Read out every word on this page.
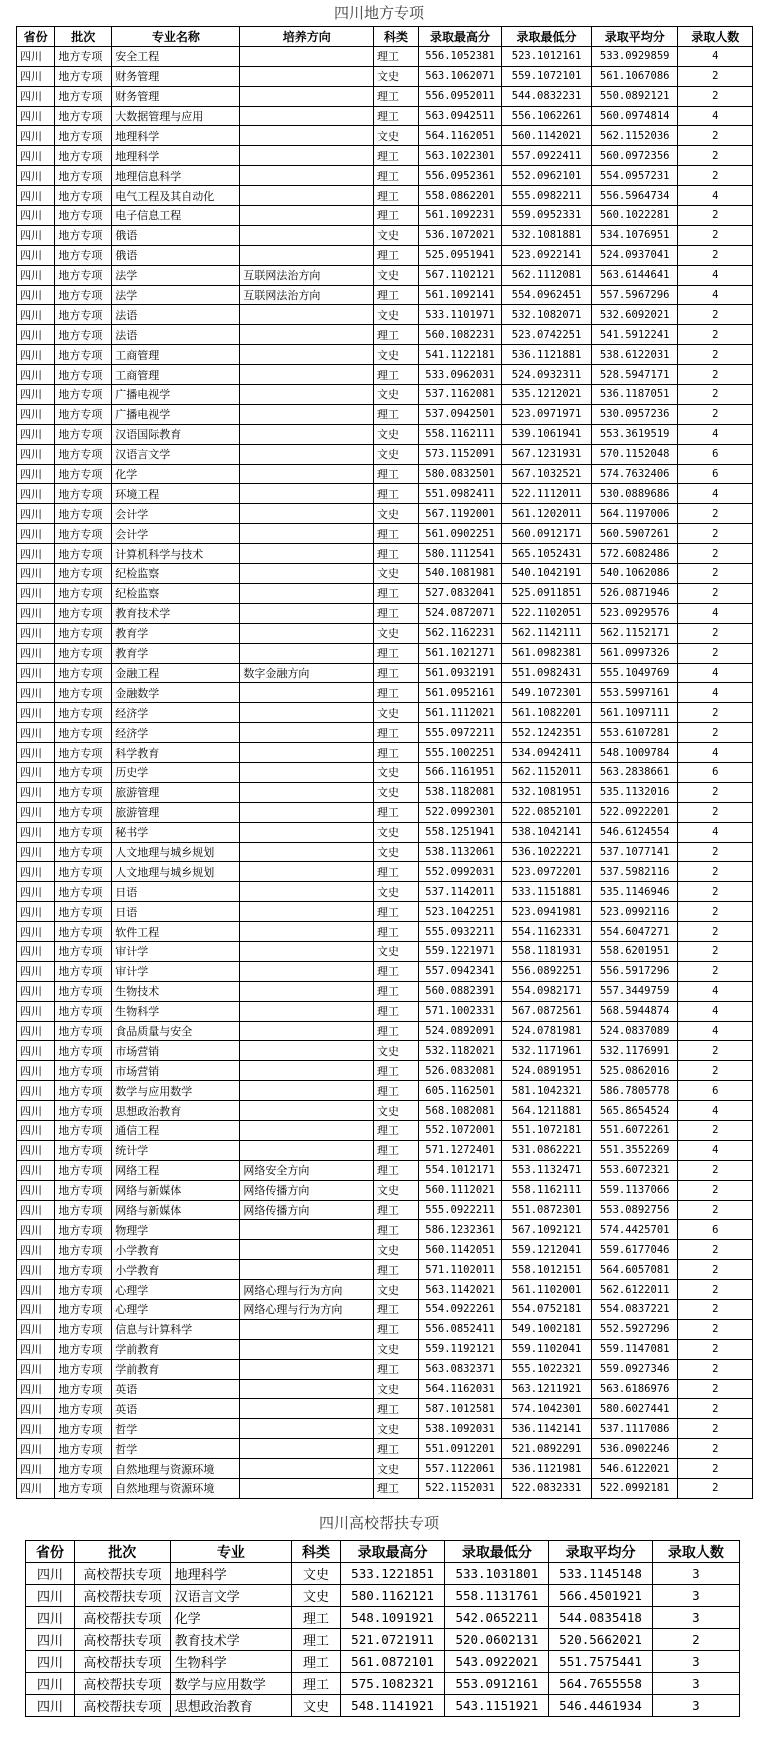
四川地方专项
省份	批次	专业名称	培养方向	科类	录取最高分	录取最低分	录取平均分	录取人数
四川	地方专项	安全工程		理工	556.1052381	523.1012161	533.0929859	4
四川	地方专项	财务管理		文史	563.1062071	559.1072101	561.1067086	2
四川	地方专项	财务管理		理工	556.0952011	544.0832231	550.0892121	2
四川	地方专项	大数据管理与应用		理工	563.0942511	556.1062261	560.0974814	4
四川	地方专项	地理科学		文史	564.1162051	560.1142021	562.1152036	2
四川	地方专项	地理科学		理工	563.1022301	557.0922411	560.0972356	2
四川	地方专项	地理信息科学		理工	556.0952361	552.0962101	554.0957231	2
四川	地方专项	电气工程及其自动化		理工	558.0862201	555.0982211	556.5964734	4
四川	地方专项	电子信息工程		理工	561.1092231	559.0952331	560.1022281	2
四川	地方专项	俄语		文史	536.1072021	532.1081881	534.1076951	2
四川	地方专项	俄语		理工	525.0951941	523.0922141	524.0937041	2
四川	地方专项	法学	互联网法治方向	文史	567.1102121	562.1112081	563.6144641	4
四川	地方专项	法学	互联网法治方向	理工	561.1092141	554.0962451	557.5967296	4
四川	地方专项	法语		文史	533.1101971	532.1082071	532.6092021	2
四川	地方专项	法语		理工	560.1082231	523.0742251	541.5912241	2
四川	地方专项	工商管理		文史	541.1122181	536.1121881	538.6122031	2
四川	地方专项	工商管理		理工	533.0962031	524.0932311	528.5947171	2
四川	地方专项	广播电视学		文史	537.1162081	535.1212021	536.1187051	2
四川	地方专项	广播电视学		理工	537.0942501	523.0971971	530.0957236	2
四川	地方专项	汉语国际教育		文史	558.1162111	539.1061941	553.3619519	4
四川	地方专项	汉语言文学		文史	573.1152091	567.1231931	570.1152048	6
四川	地方专项	化学		理工	580.0832501	567.1032521	574.7632406	6
四川	地方专项	环境工程		理工	551.0982411	522.1112011	530.0889686	4
四川	地方专项	会计学		文史	567.1192001	561.1202011	564.1197006	2
四川	地方专项	会计学		理工	561.0902251	560.0912171	560.5907261	2
四川	地方专项	计算机科学与技术		理工	580.1112541	565.1052431	572.6082486	2
四川	地方专项	纪检监察		文史	540.1081981	540.1042191	540.1062086	2
四川	地方专项	纪检监察		理工	527.0832041	525.0911851	526.0871946	2
四川	地方专项	教育技术学		理工	524.0872071	522.1102051	523.0929576	4
四川	地方专项	教育学		文史	562.1162231	562.1142111	562.1152171	2
四川	地方专项	教育学		理工	561.1021271	561.0982381	561.0997326	2
四川	地方专项	金融工程	数字金融方向	理工	561.0932191	551.0982431	555.1049769	4
四川	地方专项	金融数学		理工	561.0952161	549.1072301	553.5997161	4
四川	地方专项	经济学		文史	561.1112021	561.1082201	561.1097111	2
四川	地方专项	经济学		理工	555.0972211	552.1242351	553.6107281	2
四川	地方专项	科学教育		理工	555.1002251	534.0942411	548.1009784	4
四川	地方专项	历史学		文史	566.1161951	562.1152011	563.2838661	6
四川	地方专项	旅游管理		文史	538.1182081	532.1081951	535.1132016	2
四川	地方专项	旅游管理		理工	522.0992301	522.0852101	522.0922201	2
四川	地方专项	秘书学		文史	558.1251941	538.1042141	546.6124554	4
四川	地方专项	人文地理与城乡规划		文史	538.1132061	536.1022221	537.1077141	2
四川	地方专项	人文地理与城乡规划		理工	552.0992031	523.0972201	537.5982116	2
四川	地方专项	日语		文史	537.1142011	533.1151881	535.1146946	2
四川	地方专项	日语		理工	523.1042251	523.0941981	523.0992116	2
四川	地方专项	软件工程		理工	555.0932211	554.1162331	554.6047271	2
四川	地方专项	审计学		文史	559.1221971	558.1181931	558.6201951	2
四川	地方专项	审计学		理工	557.0942341	556.0892251	556.5917296	2
四川	地方专项	生物技术		理工	560.0882391	554.0982171	557.3449759	4
四川	地方专项	生物科学		理工	571.1002331	567.0872561	568.5944874	4
四川	地方专项	食品质量与安全		理工	524.0892091	524.0781981	524.0837089	4
四川	地方专项	市场营销		文史	532.1182021	532.1171961	532.1176991	2
四川	地方专项	市场营销		理工	526.0832081	524.0891951	525.0862016	2
四川	地方专项	数学与应用数学		理工	605.1162501	581.1042321	586.7805778	6
四川	地方专项	思想政治教育		文史	568.1082081	564.1211881	565.8654524	4
四川	地方专项	通信工程		理工	552.1072001	551.1072181	551.6072261	2
四川	地方专项	统计学		理工	571.1272401	531.0862221	551.3552269	4
四川	地方专项	网络工程	网络安全方向	理工	554.1012171	553.1132471	553.6072321	2
四川	地方专项	网络与新媒体	网络传播方向	文史	560.1112021	558.1162111	559.1137066	2
四川	地方专项	网络与新媒体	网络传播方向	理工	555.0922211	551.0872301	553.0892756	2
四川	地方专项	物理学		理工	586.1232361	567.1092121	574.4425701	6
四川	地方专项	小学教育		文史	560.1142051	559.1212041	559.6177046	2
四川	地方专项	小学教育		理工	571.1102011	558.1012151	564.6057081	2
四川	地方专项	心理学	网络心理与行为方向	文史	563.1142021	561.1102001	562.6122011	2
四川	地方专项	心理学	网络心理与行为方向	理工	554.0922261	554.0752181	554.0837221	2
四川	地方专项	信息与计算科学		理工	556.0852411	549.1002181	552.5927296	2
四川	地方专项	学前教育		文史	559.1192121	559.1102041	559.1147081	2
四川	地方专项	学前教育		理工	563.0832371	555.1022321	559.0927346	2
四川	地方专项	英语		文史	564.1162031	563.1211921	563.6186976	2
四川	地方专项	英语		理工	587.1012581	574.1042301	580.6027441	2
四川	地方专项	哲学		文史	538.1092031	536.1142141	537.1117086	2
四川	地方专项	哲学		理工	551.0912201	521.0892291	536.0902246	2
四川	地方专项	自然地理与资源环境		文史	557.1122061	536.1121981	546.6122021	2
四川	地方专项	自然地理与资源环境		理工	522.1152031	522.0832331	522.0992181	2
四川高校帮扶专项
省份	批次	专业	科类	录取最高分	录取最低分	录取平均分	录取人数
四川	高校帮扶专项	地理科学	文史	533.1221851	533.1031801	533.1145148	3
四川	高校帮扶专项	汉语言文学	文史	580.1162121	558.1131761	566.4501921	3
四川	高校帮扶专项	化学	理工	548.1091921	542.0652211	544.0835418	3
四川	高校帮扶专项	教育技术学	理工	521.0721911	520.0602131	520.5662021	2
四川	高校帮扶专项	生物科学	理工	561.0872101	543.0922021	551.7575441	3
四川	高校帮扶专项	数学与应用数学	理工	575.1082321	553.0912161	564.7655558	3
四川	高校帮扶专项	思想政治教育	文史	548.1141921	543.1151921	546.4461934	3
